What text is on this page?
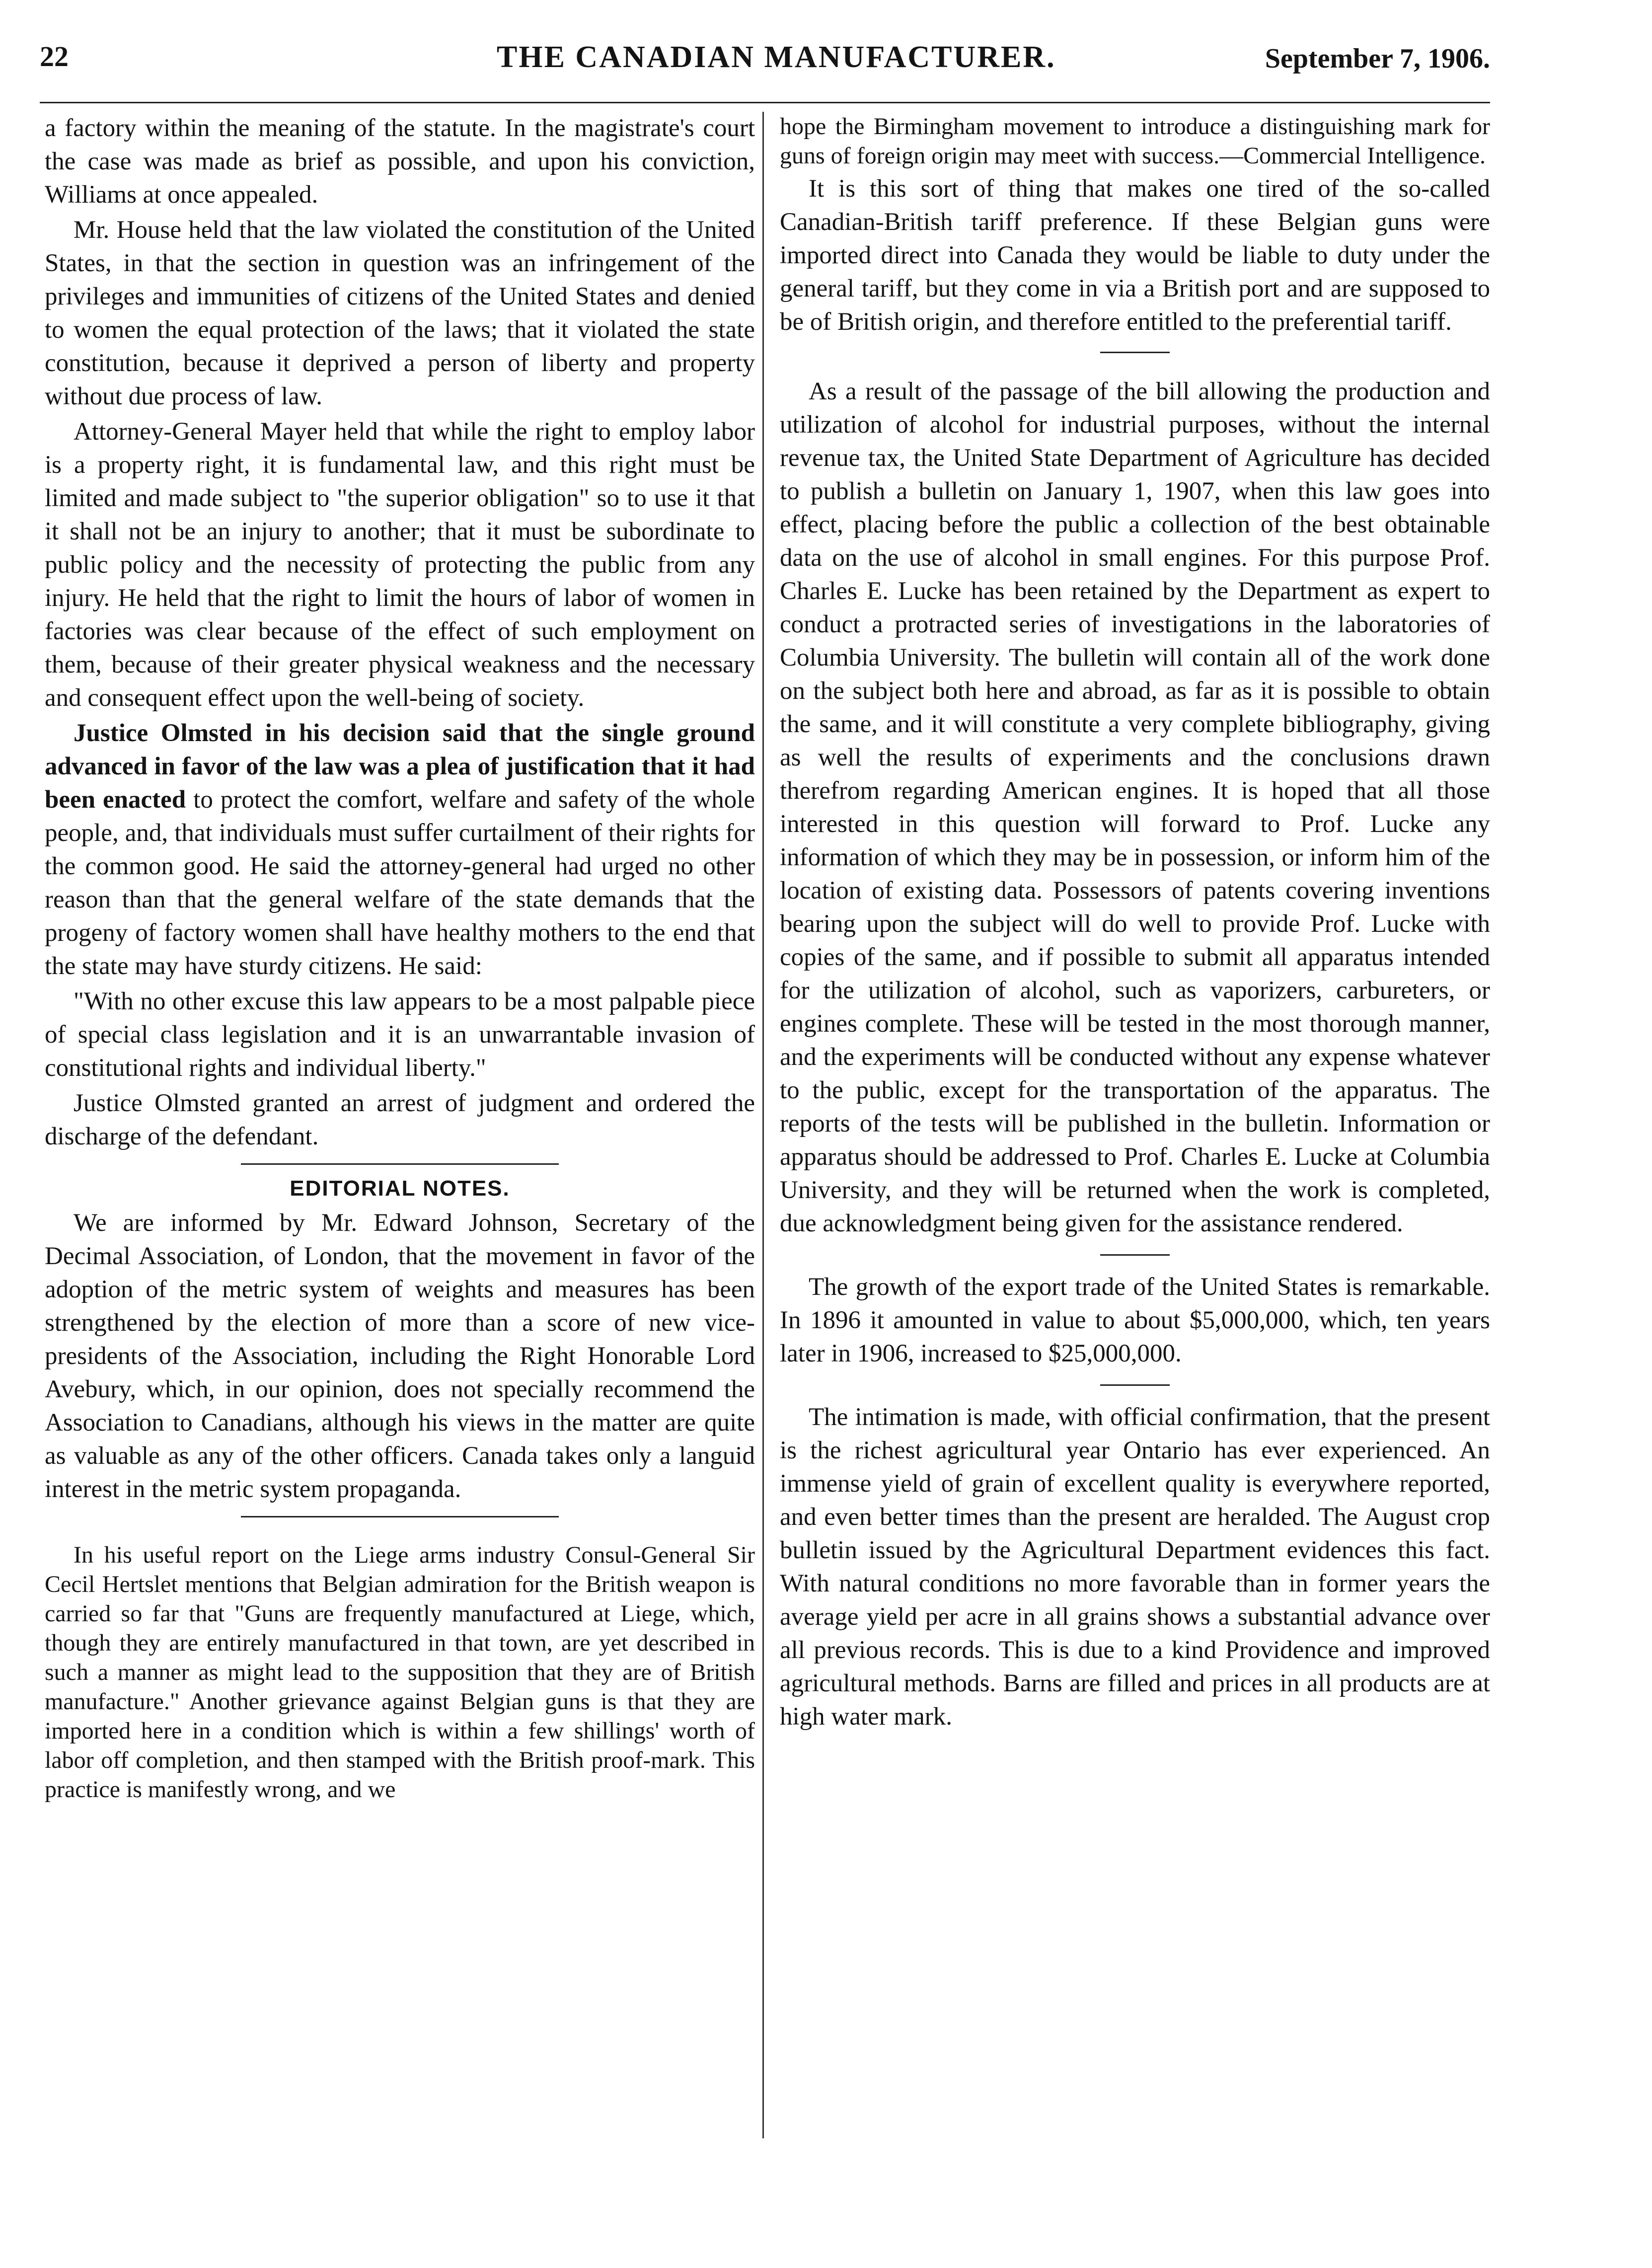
22	THE CANADIAN MANUFACTURER.	September 7, 1906.

a factory within the meaning of the statute. In the magistrate's court the case was made as brief as possible, and upon his conviction, Williams at once appealed.

Mr. House held that the law violated the constitution of the United States, in that the section in question was an infringement of the privileges and immunities of citizens of the United States and denied to women the equal protection of the laws; that it violated the state constitution, because it deprived a person of liberty and property without due process of law.

Attorney-General Mayer held that while the right to employ labor is a property right, it is fundamental law, and this right must be limited and made subject to "the superior obligation" so to use it that it shall not be an injury to another; that it must be subordinate to public policy and the necessity of protecting the public from any injury. He held that the right to limit the hours of labor of women in factories was clear because of the effect of such employment on them, because of their greater physical weakness and the necessary and consequent effect upon the well-being of society.

Justice Olmsted in his decision said that the single ground advanced in favor of the law was a plea of justification that it had been enacted to protect the comfort, welfare and safety of the whole people, and, that individuals must suffer curtailment of their rights for the common good. He said the attorney-general had urged no other reason than that the general welfare of the state demands that the progeny of factory women shall have healthy mothers to the end that the state may have sturdy citizens. He said:

"With no other excuse this law appears to be a most palpable piece of special class legislation and it is an unwarrantable invasion of constitutional rights and individual liberty."

Justice Olmsted granted an arrest of judgment and ordered the discharge of the defendant.

EDITORIAL NOTES.

We are informed by Mr. Edward Johnson, Secretary of the Decimal Association, of London, that the movement in favor of the adoption of the metric system of weights and measures has been strengthened by the election of more than a score of new vice-presidents of the Association, including the Right Honorable Lord Avebury, which, in our opinion, does not specially recommend the Association to Canadians, although his views in the matter are quite as valuable as any of the other officers. Canada takes only a languid interest in the metric system propaganda.

In his useful report on the Liege arms industry Consul-General Sir Cecil Hertslet mentions that Belgian admiration for the British weapon is carried so far that "Guns are frequently manufactured at Liege, which, though they are entirely manufactured in that town, are yet described in such a manner as might lead to the supposition that they are of British manufacture." Another grievance against Belgian guns is that they are imported here in a condition which is within a few shillings' worth of labor off completion, and then stamped with the British proof-mark. This practice is manifestly wrong, and we

hope the Birmingham movement to introduce a distinguishing mark for guns of foreign origin may meet with success.—Commercial Intelligence.

It is this sort of thing that makes one tired of the so-called Canadian-British tariff preference. If these Belgian guns were imported direct into Canada they would be liable to duty under the general tariff, but they come in via a British port and are supposed to be of British origin, and therefore entitled to the preferential tariff.

As a result of the passage of the bill allowing the production and utilization of alcohol for industrial purposes, without the internal revenue tax, the United State Department of Agriculture has decided to publish a bulletin on January 1, 1907, when this law goes into effect, placing before the public a collection of the best obtainable data on the use of alcohol in small engines. For this purpose Prof. Charles E. Lucke has been retained by the Department as expert to conduct a protracted series of investigations in the laboratories of Columbia University. The bulletin will contain all of the work done on the subject both here and abroad, as far as it is possible to obtain the same, and it will constitute a very complete bibliography, giving as well the results of experiments and the conclusions drawn therefrom regarding American engines. It is hoped that all those interested in this question will forward to Prof. Lucke any information of which they may be in possession, or inform him of the location of existing data. Possessors of patents covering inventions bearing upon the subject will do well to provide Prof. Lucke with copies of the same, and if possible to submit all apparatus intended for the utilization of alcohol, such as vaporizers, carbureters, or engines complete. These will be tested in the most thorough manner, and the experiments will be conducted without any expense whatever to the public, except for the transportation of the apparatus. The reports of the tests will be published in the bulletin. Information or apparatus should be addressed to Prof. Charles E. Lucke at Columbia University, and they will be returned when the work is completed, due acknowledgment being given for the assistance rendered.

The growth of the export trade of the United States is remarkable. In 1896 it amounted in value to about $5,000,000, which, ten years later in 1906, increased to $25,000,000.

The intimation is made, with official confirmation, that the present is the richest agricultural year Ontario has ever experienced. An immense yield of grain of excellent quality is everywhere reported, and even better times than the present are heralded. The August crop bulletin issued by the Agricultural Department evidences this fact. With natural conditions no more favorable than in former years the average yield per acre in all grains shows a substantial advance over all previous records. This is due to a kind Providence and improved agricultural methods. Barns are filled and prices in all products are at high water mark.
